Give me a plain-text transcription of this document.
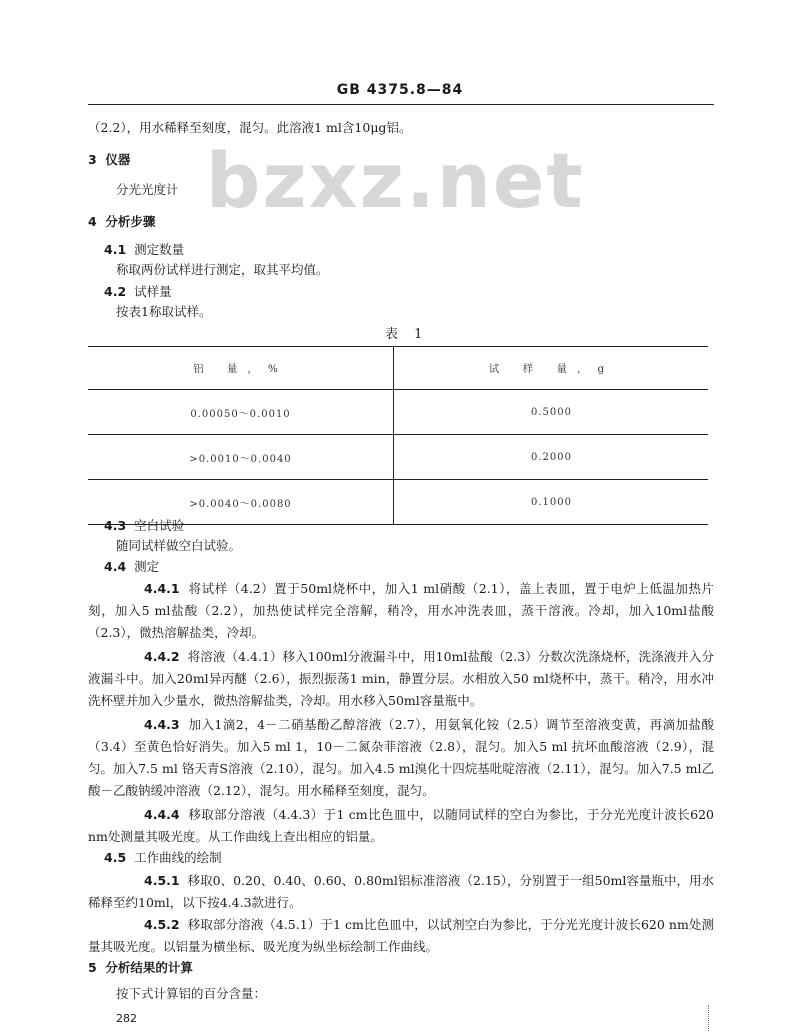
bzxz.net
GB 4375.8—84
（2.2），用水稀释至刻度，混匀。此溶液1 ml含10μg铝。
3 仪器
分光光度计
4 分析步骤
4.1 测定数量
称取两份试样进行测定，取其平均值。
4.2 试样量
按表1称取试样。
表 1
铝 量，%	试 样 量，g
0.00050～0.0010	0.5000
>0.0010～0.0040	0.2000
>0.0040～0.0080	0.1000
4.3 空白试验
随同试样做空白试验。
4.4 测定
4.4.1 将试样（4.2）置于50ml烧杯中，加入1 ml硝酸（2.1），盖上表皿，置于电炉上低温加热片刻，加入5 ml盐酸（2.2），加热使试样完全溶解，稍冷，用水冲洗表皿，蒸干溶液。冷却，加入10ml盐酸（2.3），微热溶解盐类，冷却。
4.4.2 将溶液（4.4.1）移入100ml分液漏斗中，用10ml盐酸（2.3）分数次洗涤烧杯，洗涤液并入分液漏斗中。加入20ml异丙醚（2.6），振烈振荡1 min，静置分层。水相放入50 ml烧杯中，蒸干。稍冷，用水冲洗杯壁并加入少量水，微热溶解盐类，冷却。用水移入50ml容量瓶中。
4.4.3 加入1滴2，4－二硝基酚乙醇溶液（2.7），用氨氧化铵（2.5）调节至溶液变黄，再滴加盐酸（3.4）至黄色恰好消失。加入5 ml 1，10－二氮杂菲溶液（2.8），混匀。加入5 ml 抗坏血酸溶液（2.9），混匀。加入7.5 ml 铬天青S溶液（2.10），混匀。加入4.5 ml溴化十四烷基吡啶溶液（2.11），混匀。加入7.5 ml乙酸－乙酸钠缓冲溶液（2.12），混匀。用水稀释至刻度，混匀。
4.4.4 移取部分溶液（4.4.3）于1 cm比色皿中，以随同试样的空白为参比，于分光光度计波长620 nm处测量其吸光度。从工作曲线上查出相应的铝量。
4.5 工作曲线的绘制
4.5.1 移取0、0.20、0.40、0.60、0.80ml铝标准溶液（2.15），分别置于一组50ml容量瓶中，用水稀释至约10ml，以下按4.4.3款进行。
4.5.2 移取部分溶液（4.5.1）于1 cm比色皿中，以试剂空白为参比，于分光光度计波长620 nm处测量其吸光度。以铝量为横坐标、吸光度为纵坐标绘制工作曲线。
5 分析结果的计算
按下式计算铝的百分含量：
282
